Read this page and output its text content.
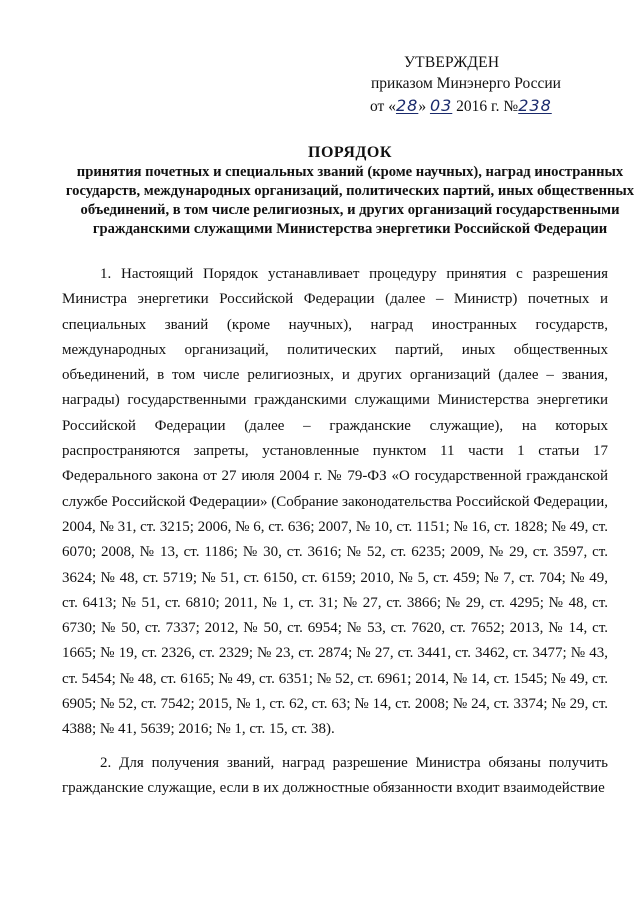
УТВЕРЖДЕН
приказом Минэнерго России
от «28» 03 2016 г. №238
ПОРЯДОК
принятия почетных и специальных званий (кроме научных), наград иностранных государств, международных организаций, политических партий, иных общественных объединений, в том числе религиозных, и других организаций государственными гражданскими служащими Министерства энергетики Российской Федерации

1. Настоящий Порядок устанавливает процедуру принятия с разрешения Министра энергетики Российской Федерации (далее – Министр) почетных и специальных званий (кроме научных), наград иностранных государств, международных организаций, политических партий, иных общественных объединений, в том числе религиозных, и других организаций (далее – звания, награды) государственными гражданскими служащими Министерства энергетики Российской Федерации (далее – гражданские служащие), на которых распространяются запреты, установленные пунктом 11 части 1 статьи 17 Федерального закона от 27 июля 2004 г. № 79-ФЗ «О государственной гражданской службе Российской Федерации» (Собрание законодательства Российской Федерации, 2004, № 31, ст. 3215; 2006, № 6, ст. 636; 2007, № 10, ст. 1151; № 16, ст. 1828; № 49, ст. 6070; 2008, № 13, ст. 1186; № 30, ст. 3616; № 52, ст. 6235; 2009, № 29, ст. 3597, ст. 3624; № 48, ст. 5719; № 51, ст. 6150, ст. 6159; 2010, № 5, ст. 459; № 7, ст. 704; № 49, ст. 6413; № 51, ст. 6810; 2011, № 1, ст. 31; № 27, ст. 3866; № 29, ст. 4295; № 48, ст. 6730; № 50, ст. 7337; 2012, № 50, ст. 6954; № 53, ст. 7620, ст. 7652; 2013, № 14, ст. 1665; № 19, ст. 2326, ст. 2329; № 23, ст. 2874; № 27, ст. 3441, ст. 3462, ст. 3477; № 43, ст. 5454; № 48, ст. 6165; № 49, ст. 6351; № 52, ст. 6961; 2014, № 14, ст. 1545; № 49, ст. 6905; № 52, ст. 7542; 2015, № 1, ст. 62, ст. 63; № 14, ст. 2008; № 24, ст. 3374; № 29, ст. 4388; № 41, 5639; 2016; № 1, ст. 15, ст. 38).

2. Для получения званий, наград разрешение Министра обязаны получить гражданские служащие, если в их должностные обязанности входит взаимодействие
